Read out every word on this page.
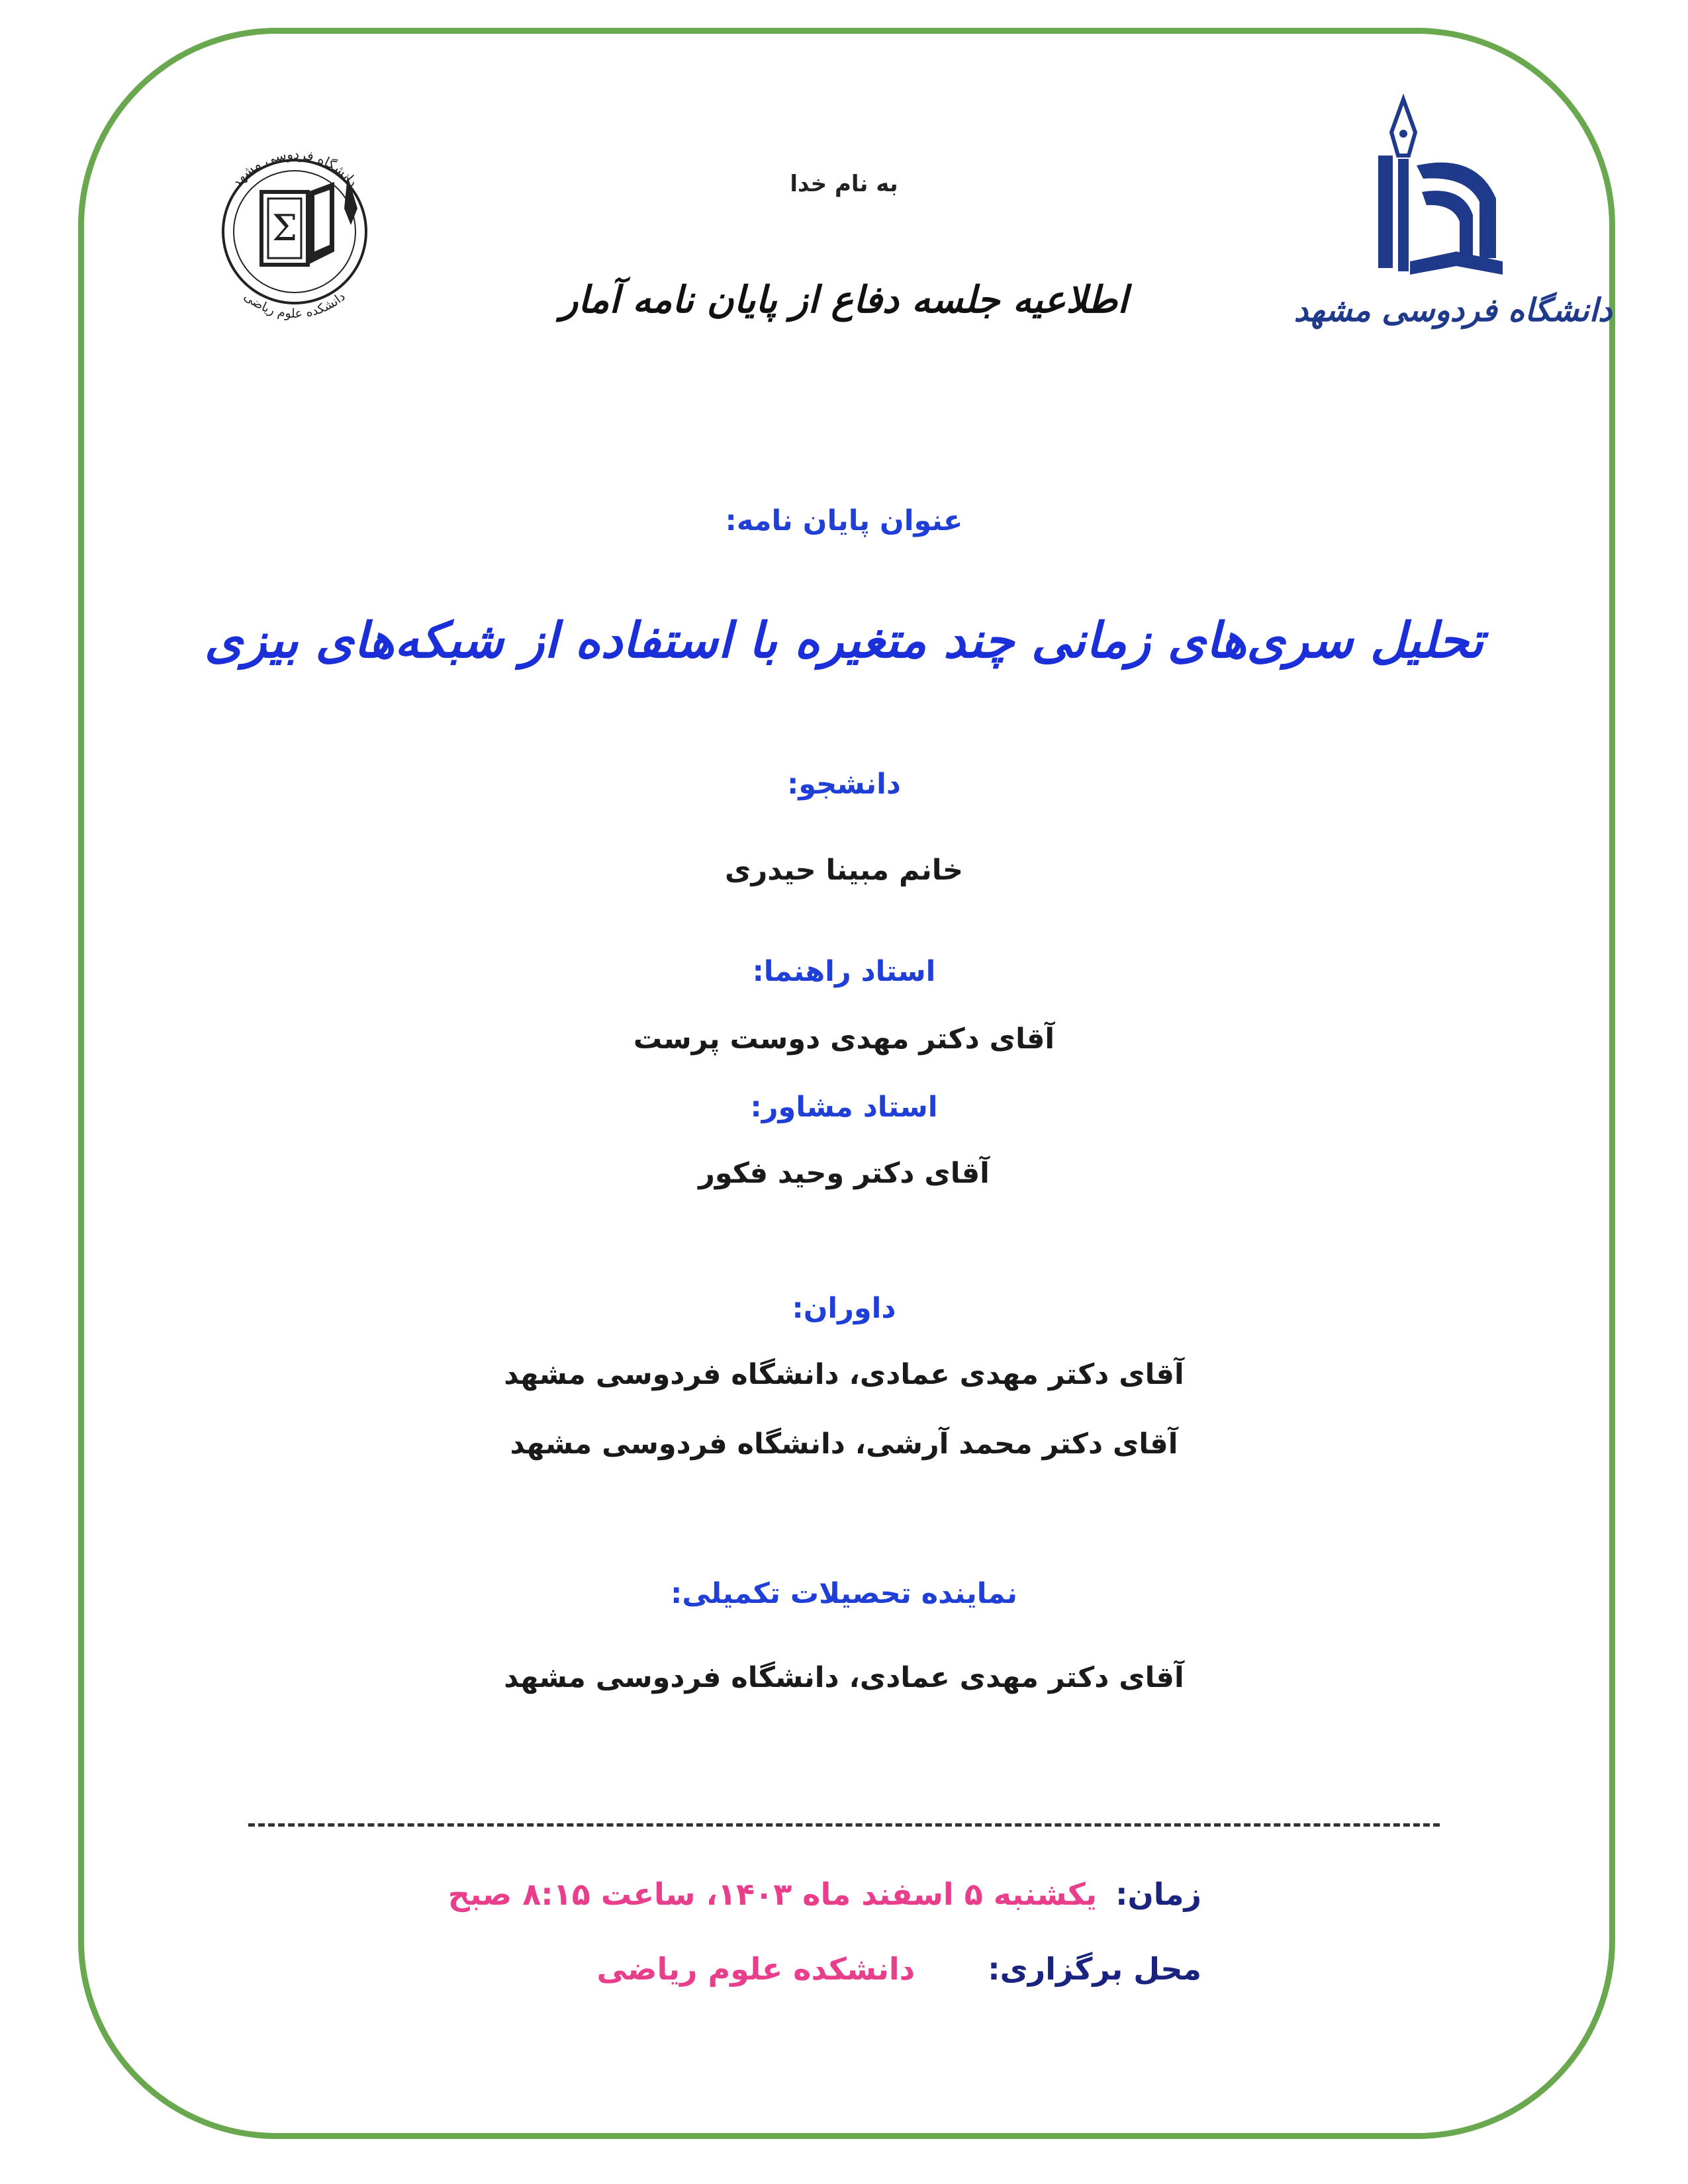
دانشگاه فردوسی مشهد
Σ
دانشکده علوم ریاضی	دانشگاه فردوسی مشهد
به نام خدا
اطلاعیه جلسه دفاع از پایان نامه آمار
عنوان پایان نامه:
تحلیل سری‌های زمانی چند متغیره با استفاده از شبکه‌های بیزی
دانشجو:
خانم مبینا حیدری
استاد راهنما:
آقای دکتر مهدی دوست پرست
استاد مشاور:
آقای دکتر وحید فکور
داوران:
آقای دکتر مهدی عمادی، دانشگاه فردوسی مشهد
آقای دکتر محمد آرشی، دانشگاه فردوسی مشهد
نماینده تحصیلات تکمیلی:
آقای دکتر مهدی عمادی، دانشگاه فردوسی مشهد
زمان:یکشنبه ۵ اسفند ماه ۱۴۰۳، ساعت ۸:۱۵ صبح
محل برگزاری:دانشکده علوم ریاضی
